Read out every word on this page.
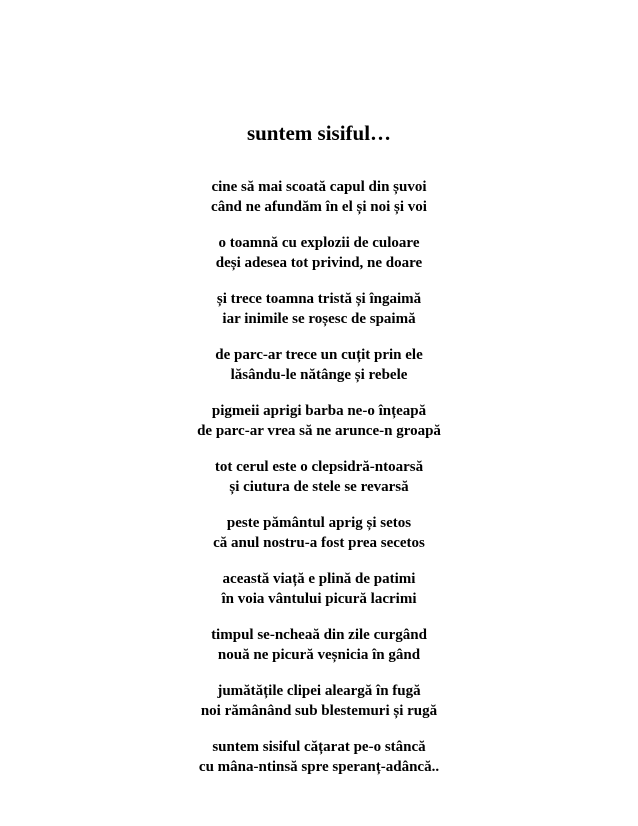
suntem sisiful…
cine să mai scoată capul din șuvoi
când ne afundăm în el și noi și voi
o toamnă cu explozii de culoare
deși adesea tot privind, ne doare
și trece toamna tristă și îngaimă
iar inimile se roșesc de spaimă
de parc-ar trece un cuțit prin ele
lăsându-le nătânge și rebele
pigmeii aprigi barba ne-o înțeapă
de parc-ar vrea să ne arunce-n groapă
tot cerul este o clepsidră-ntoarsă
și ciutura de stele se revarsă
peste pământul aprig și setos
că anul nostru-a fost prea secetos
această viață e plină de patimi
în voia vântului picură lacrimi
timpul se-ncheaă din zile curgând
nouă ne picură veșnicia în gând
jumătățile clipei aleargă în fugă
noi rămânând sub blestemuri și rugă
suntem sisiful cățarat pe-o stâncă
cu mâna-ntinsă spre speranț-adâncă..
